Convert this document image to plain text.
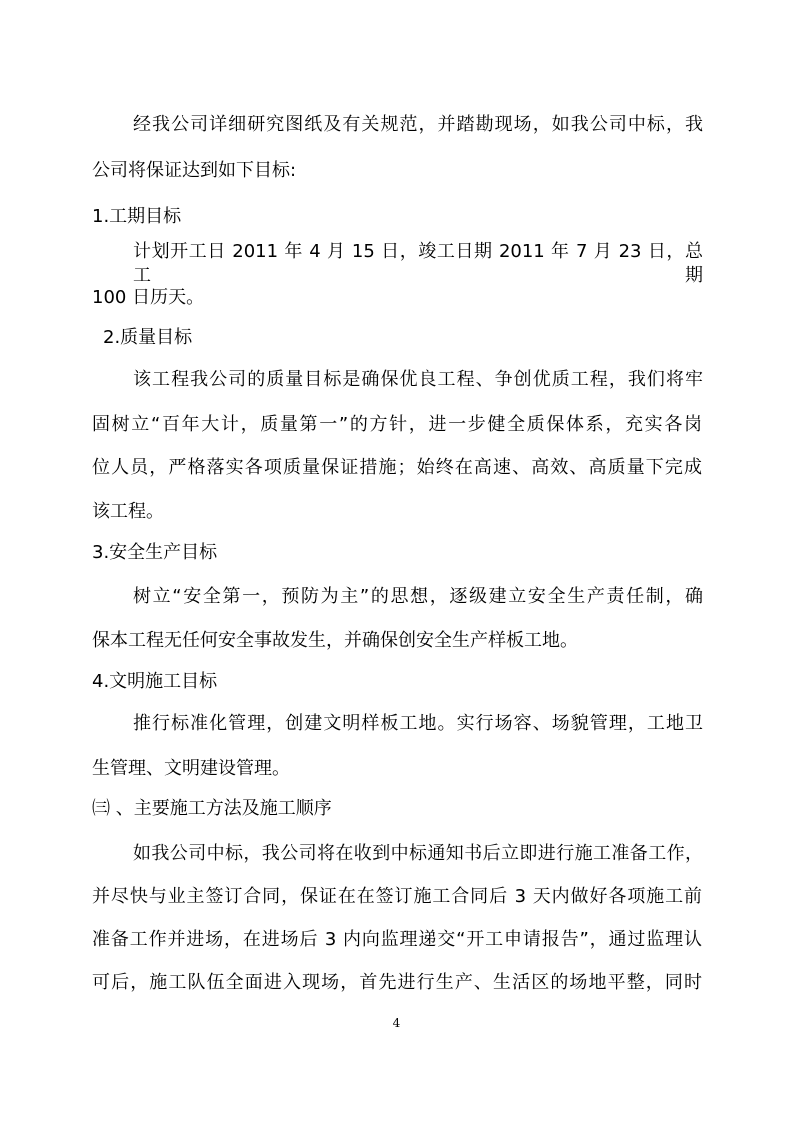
经我公司详细研究图纸及有关规范，并踏勘现场，如我公司中标，我
公司将保证达到如下目标:
1.工期目标
计划开工日 2011 年 4 月 15 日，竣工日期 2011 年 7 月 23 日，总工期
100 日历天。
2.质量目标
该工程我公司的质量目标是确保优良工程、争创优质工程，我们将牢
固树立“百年大计，质量第一”的方针，进一步健全质保体系，充实各岗
位人员，严格落实各项质量保证措施；始终在高速、高效、高质量下完成
该工程。
3.安全生产目标
树立“安全第一，预防为主”的思想，逐级建立安全生产责任制，确
保本工程无任何安全事故发生，并确保创安全生产样板工地。
4.文明施工目标
推行标准化管理，创建文明样板工地。实行场容、场貌管理，工地卫
生管理、文明建设管理。
㈢ 、主要施工方法及施工顺序
如我公司中标，我公司将在收到中标通知书后立即进行施工准备工作，
并尽快与业主签订合同，保证在在签订施工合同后 3 天内做好各项施工前
准备工作并进场，在进场后 3 内向监理递交“开工申请报告”，通过监理认
可后，施工队伍全面进入现场，首先进行生产、生活区的场地平整，同时
4
